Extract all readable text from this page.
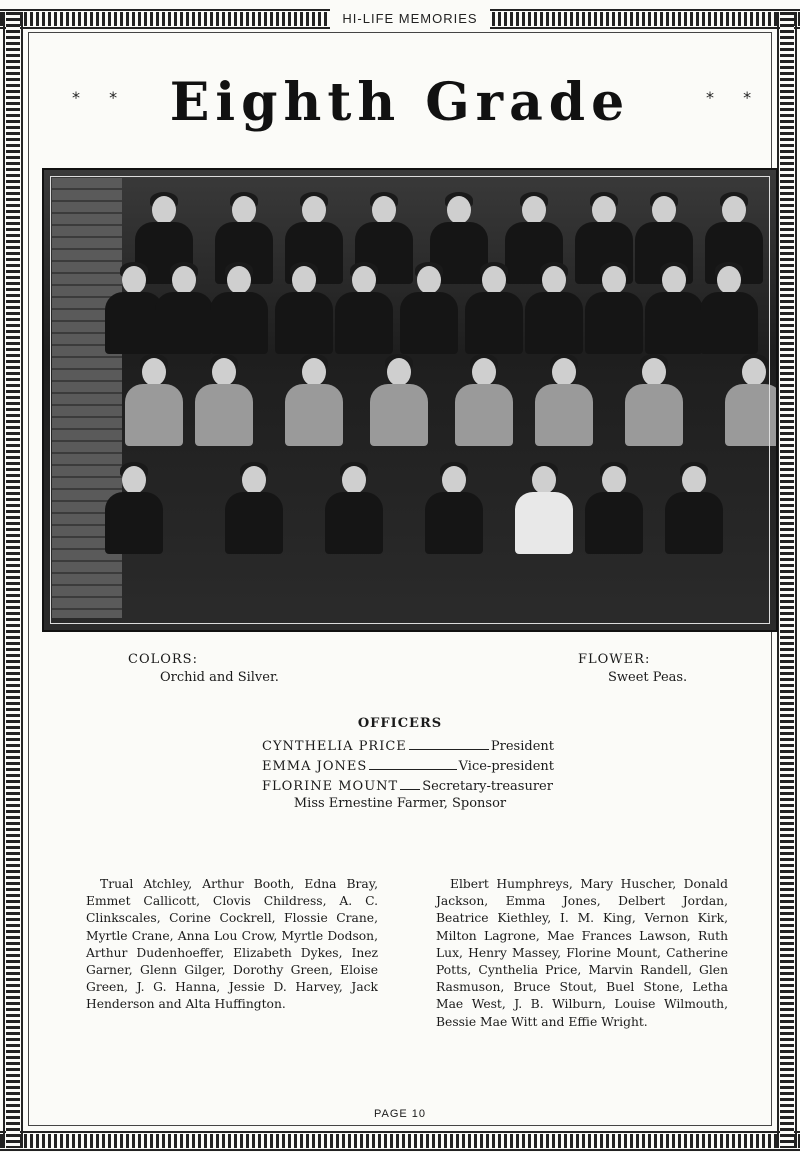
HI-LIFE MEMORIES
* * Eighth Grade	* *
COLORS:
Orchid and Silver.
FLOWER:
Sweet Peas.
OFFICERS
CYNTHELIA PRICE	President
EMMA JONES	Vice-president
FLORINE MOUNT Secretary-treasurer
Miss Ernestine Farmer, Sponsor
Trual Atchley, Arthur Booth, Edna Bray, Emmet Callicott, Clovis Childress, A. C. Clinkscales, Corine Cockrell, Flossie Crane, Myrtle Crane, Anna Lou Crow, Myrtle Dodson, Arthur Dudenhoeffer, Elizabeth Dykes, Inez Garner, Glenn Gilger, Dorothy Green, Eloise Green, J. G. Hanna, Jessie D. Harvey, Jack Henderson and Alta Huffington.
Elbert Humphreys, Mary Huscher, Donald Jackson, Emma Jones, Delbert Jordan, Beatrice Kiethley, I. M. King, Vernon Kirk, Milton Lagrone, Mae Frances Lawson, Ruth Lux, Henry Massey, Florine Mount, Catherine Potts, Cynthelia Price, Marvin Randell, Glen Rasmuson, Bruce Stout, Buel Stone, Letha Mae West, J. B. Wilburn, Louise Wilmouth, Bessie Mae Witt and Effie Wright.
PAGE 10
